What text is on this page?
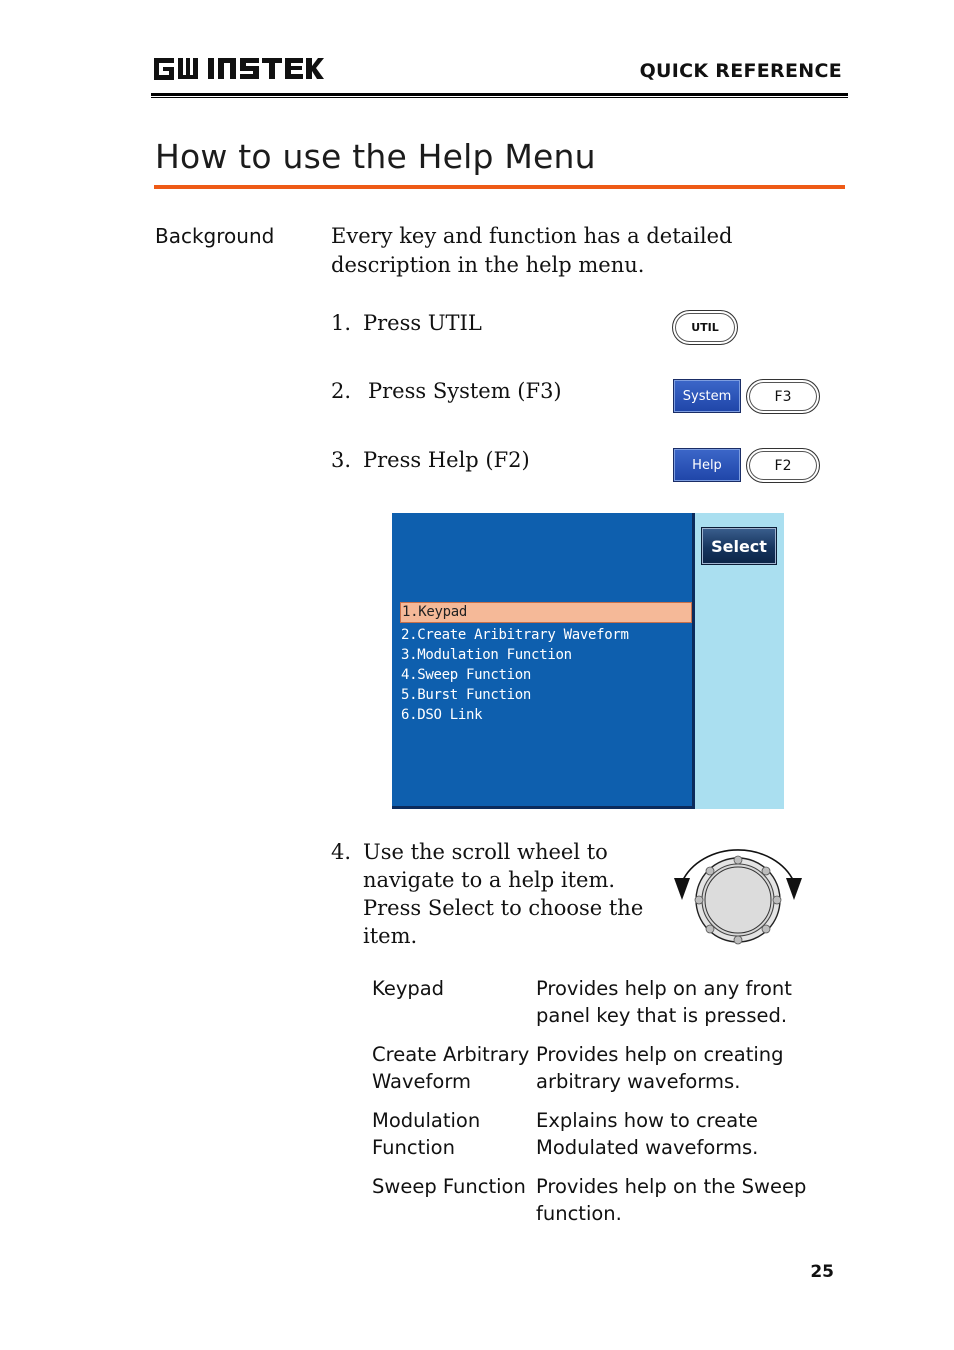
QUICK REFERENCE
How to use the Help Menu
Background	Every key and function has a detailed description in the help menu.
1. Press UTIL
2. Press System (F3)
3. Press Help (F2)
UTIL
System	F3
Help	F2
1.Keypad
2.Create Aribitrary Waveform
3.Modulation Function
4.Sweep Function
5.Burst Function
6.DSO Link
Select
4. Use the scroll wheel to navigate to a help item. Press Select to choose the item.
Keypad	Provides help on any front panel key that is pressed.
Create Arbitrary Waveform	Provides help on creating arbitrary waveforms.
Modulation Function	Explains how to create Modulated waveforms.
Sweep Function	Provides help on the Sweep function.
25
